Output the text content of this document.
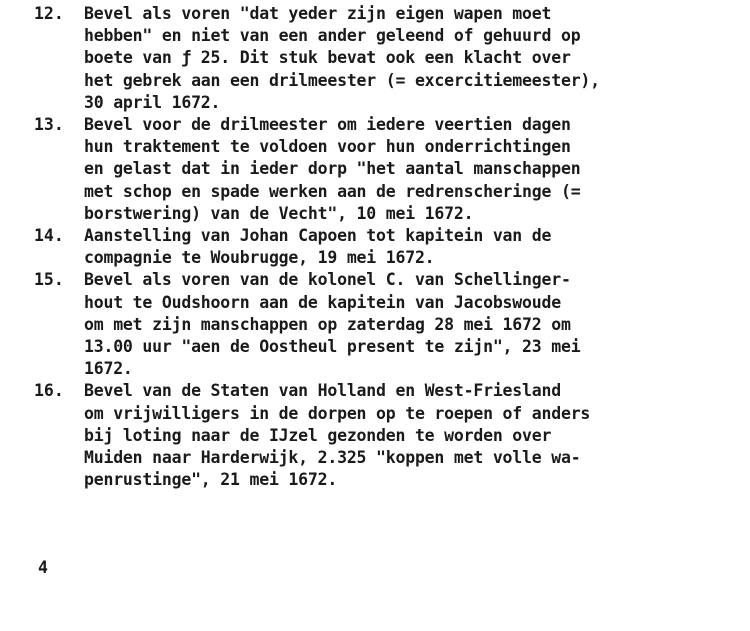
12.	Bevel als voren "dat yeder zijn eigen wapen moet
hebben" en niet van een ander geleend of gehuurd op
boete van ƒ 25. Dit stuk bevat ook een klacht over
het gebrek aan een drilmeester (= excercitiemeester),
30 april 1672.
13.	Bevel voor de drilmeester om iedere veertien dagen
hun traktement te voldoen voor hun onderrichtingen
en gelast dat in ieder dorp "het aantal manschappen
met schop en spade werken aan de redrenscheringe (=
borstwering) van de Vecht", 10 mei 1672.
14.	Aanstelling van Johan Capoen tot kapitein van de
compagnie te Woubrugge, 19 mei 1672.
15.	Bevel als voren van de kolonel C. van Schellinger-
hout te Oudshoorn aan de kapitein van Jacobswoude
om met zijn manschappen op zaterdag 28 mei 1672 om
13.00 uur "aen de Oostheul present te zijn", 23 mei
1672.
16.	Bevel van de Staten van Holland en West-Friesland
om vrijwilligers in de dorpen op te roepen of anders
bij loting naar de IJzel gezonden te worden over
Muiden naar Harderwijk, 2.325 "koppen met volle wa-
penrustinge", 21 mei 1672.
4
